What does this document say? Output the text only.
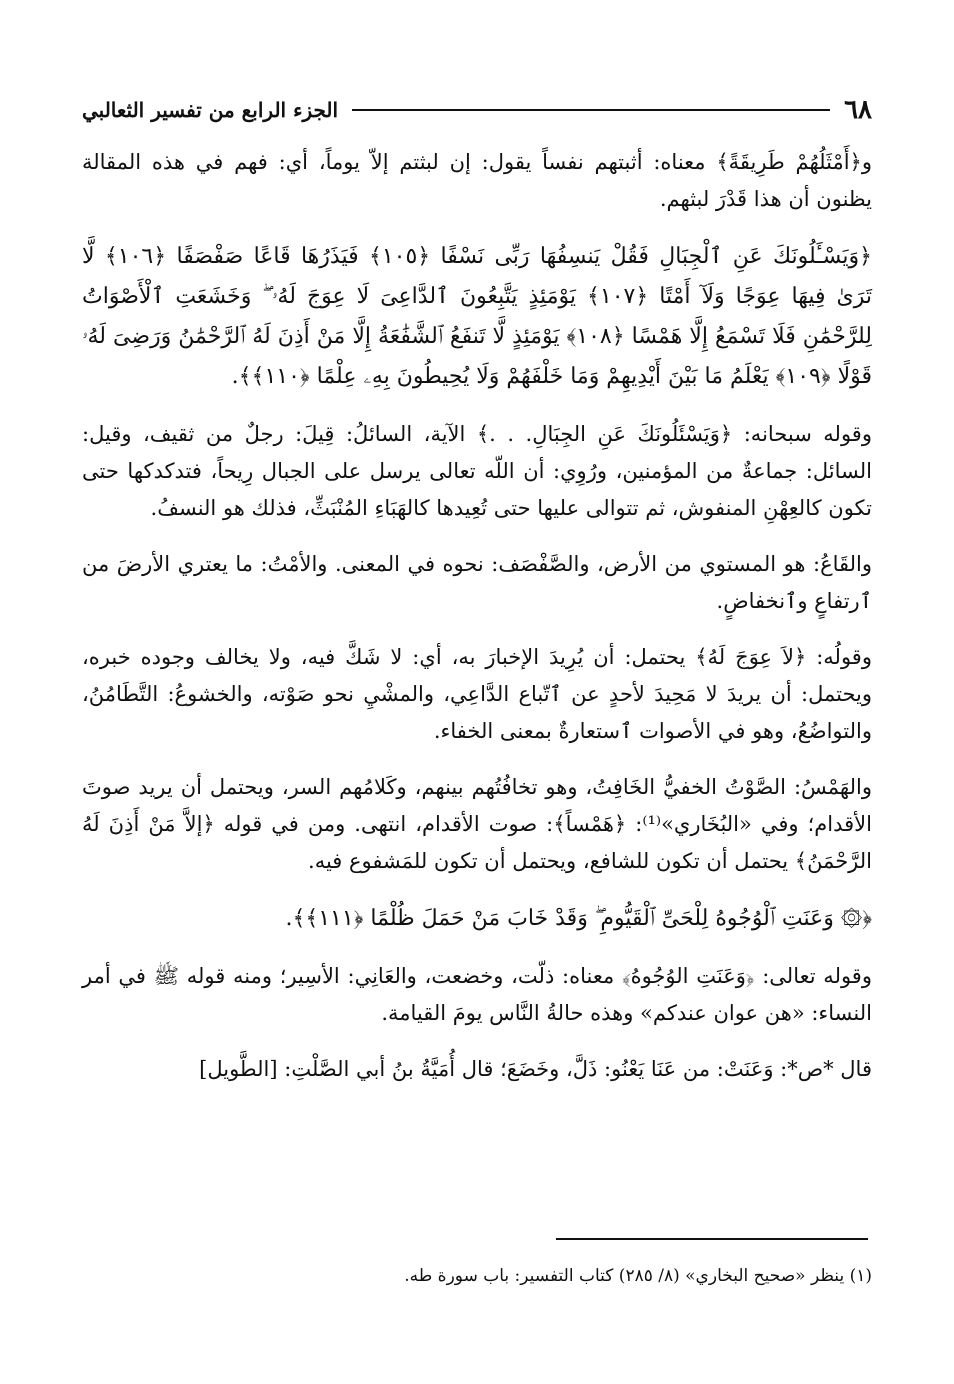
٦٨
الجزء الرابع من تفسير الثعالبي

و﴿أَمْثَلُهُمْ طَرِيقَةً﴾ معناه: أثبتهم نفساً يقول: إن لبثتم إلاّ يوماً، أي: فهم في هذه المقالة يظنون أن هذا قَدْرَ لبثهم.

﴿وَيَسْـَٔلُونَكَ عَنِ ٱلْجِبَالِ فَقُلْ يَنسِفُهَا رَبِّى نَسْفًا ﴿١٠٥﴾ فَيَذَرُهَا قَاعًا صَفْصَفًا ﴿١٠٦﴾ لَّا تَرَىٰ فِيهَا عِوَجًا وَلَآ أَمْتًا ﴿١٠٧﴾ يَوْمَئِذٍ يَتَّبِعُونَ ٱلدَّاعِىَ لَا عِوَجَ لَهُۥ ۖ وَخَشَعَتِ ٱلْأَصْوَاتُ لِلرَّحْمَٰنِ فَلَا تَسْمَعُ إِلَّا هَمْسًا ﴿١٠٨﴾ يَوْمَئِذٍ لَّا تَنفَعُ ٱلشَّفَٰعَةُ إِلَّا مَنْ أَذِنَ لَهُ ٱلرَّحْمَٰنُ وَرَضِىَ لَهُۥ قَوْلًا ﴿١٠٩﴾ يَعْلَمُ مَا بَيْنَ أَيْدِيهِمْ وَمَا خَلْفَهُمْ وَلَا يُحِيطُونَ بِهِۦ عِلْمًا ﴿١١٠﴾﴾.

وقوله سبحانه: ﴿وَيَسْئَلُونَكَ عَنِ الجِبَالِ. . .﴾ الآية، السائلُ: قِيلَ: رجلٌ من ثقيف، وقيل: السائل: جماعةٌ من المؤمنين، ورُوِي: أن اللّه تعالى يرسل على الجبال رِيحاً، فتدكدكها حتى تكون كالعِهْنِ المنفوش، ثم تتوالى عليها حتى تُعِيدها كالهَبَاءِ المُنْبَثِّ، فذلك هو النسفُ.

والقَاعُ: هو المستوي من الأرض، والصَّفْصَف: نحوه في المعنى. والأمْتُ: ما يعتري الأرضَ من ٱرتفاعٍ وٱنخفاضٍ.

وقولُه: ﴿لاَ عِوَجَ لَهُ﴾ يحتمل: أن يُرِيدَ الإخبارَ به، أي: لا شَكَّ فيه، ولا يخالف وجوده خبره، ويحتمل: أن يريدَ لا مَحِيدَ لأحدٍ عن ٱتّباع الدَّاعِي، والمشْيِ نحو صَوْته، والخشوعُ: التَّطَامُنُ، والتواضُعُ، وهو في الأصوات ٱستعارةٌ بمعنى الخفاء.

والهَمْسُ: الصَّوْتُ الخفيُّ الخَافِتُ، وهو تخافُتُهم بينهم، وكَلامُهم السر، ويحتمل أن يريد صوتَ الأقدام؛ وفي «البُخَاري»⁽¹⁾: ﴿هَمْساً﴾: صوت الأقدام، انتهى. ومن في قوله ﴿إلاَّ مَنْ أَذِنَ لَهُ الرَّحْمَنُ﴾ يحتمل أن تكون للشافع، ويحتمل أن تكون للمَشفوع فيه.

﴿۞ وَعَنَتِ ٱلْوُجُوهُ لِلْحَىِّ ٱلْقَيُّومِ ۖ وَقَدْ خَابَ مَنْ حَمَلَ ظُلْمًا ﴿١١١﴾﴾.

وقوله تعالى: ﴿وَعَنَتِ الوُجُوهُ﴾ معناه: ذلّت، وخضعت، والعَانِي: الأسِير؛ ومنه قوله ﷺ في أمر النساء: «هن عوان عندكم» وهذه حالةُ النَّاس يومَ القيامة.

قال *ص*: وَعَنَتْ: من عَنَا يَعْنُو: ذَلَّ، وخَضَعَ؛ قال أُمَيَّةُ بنُ أبي الصَّلْتِ: [الطَّويل]

(١) ينظر «صحيح البخاري» (٨/ ٢٨٥) كتاب التفسير: باب سورة طه.
